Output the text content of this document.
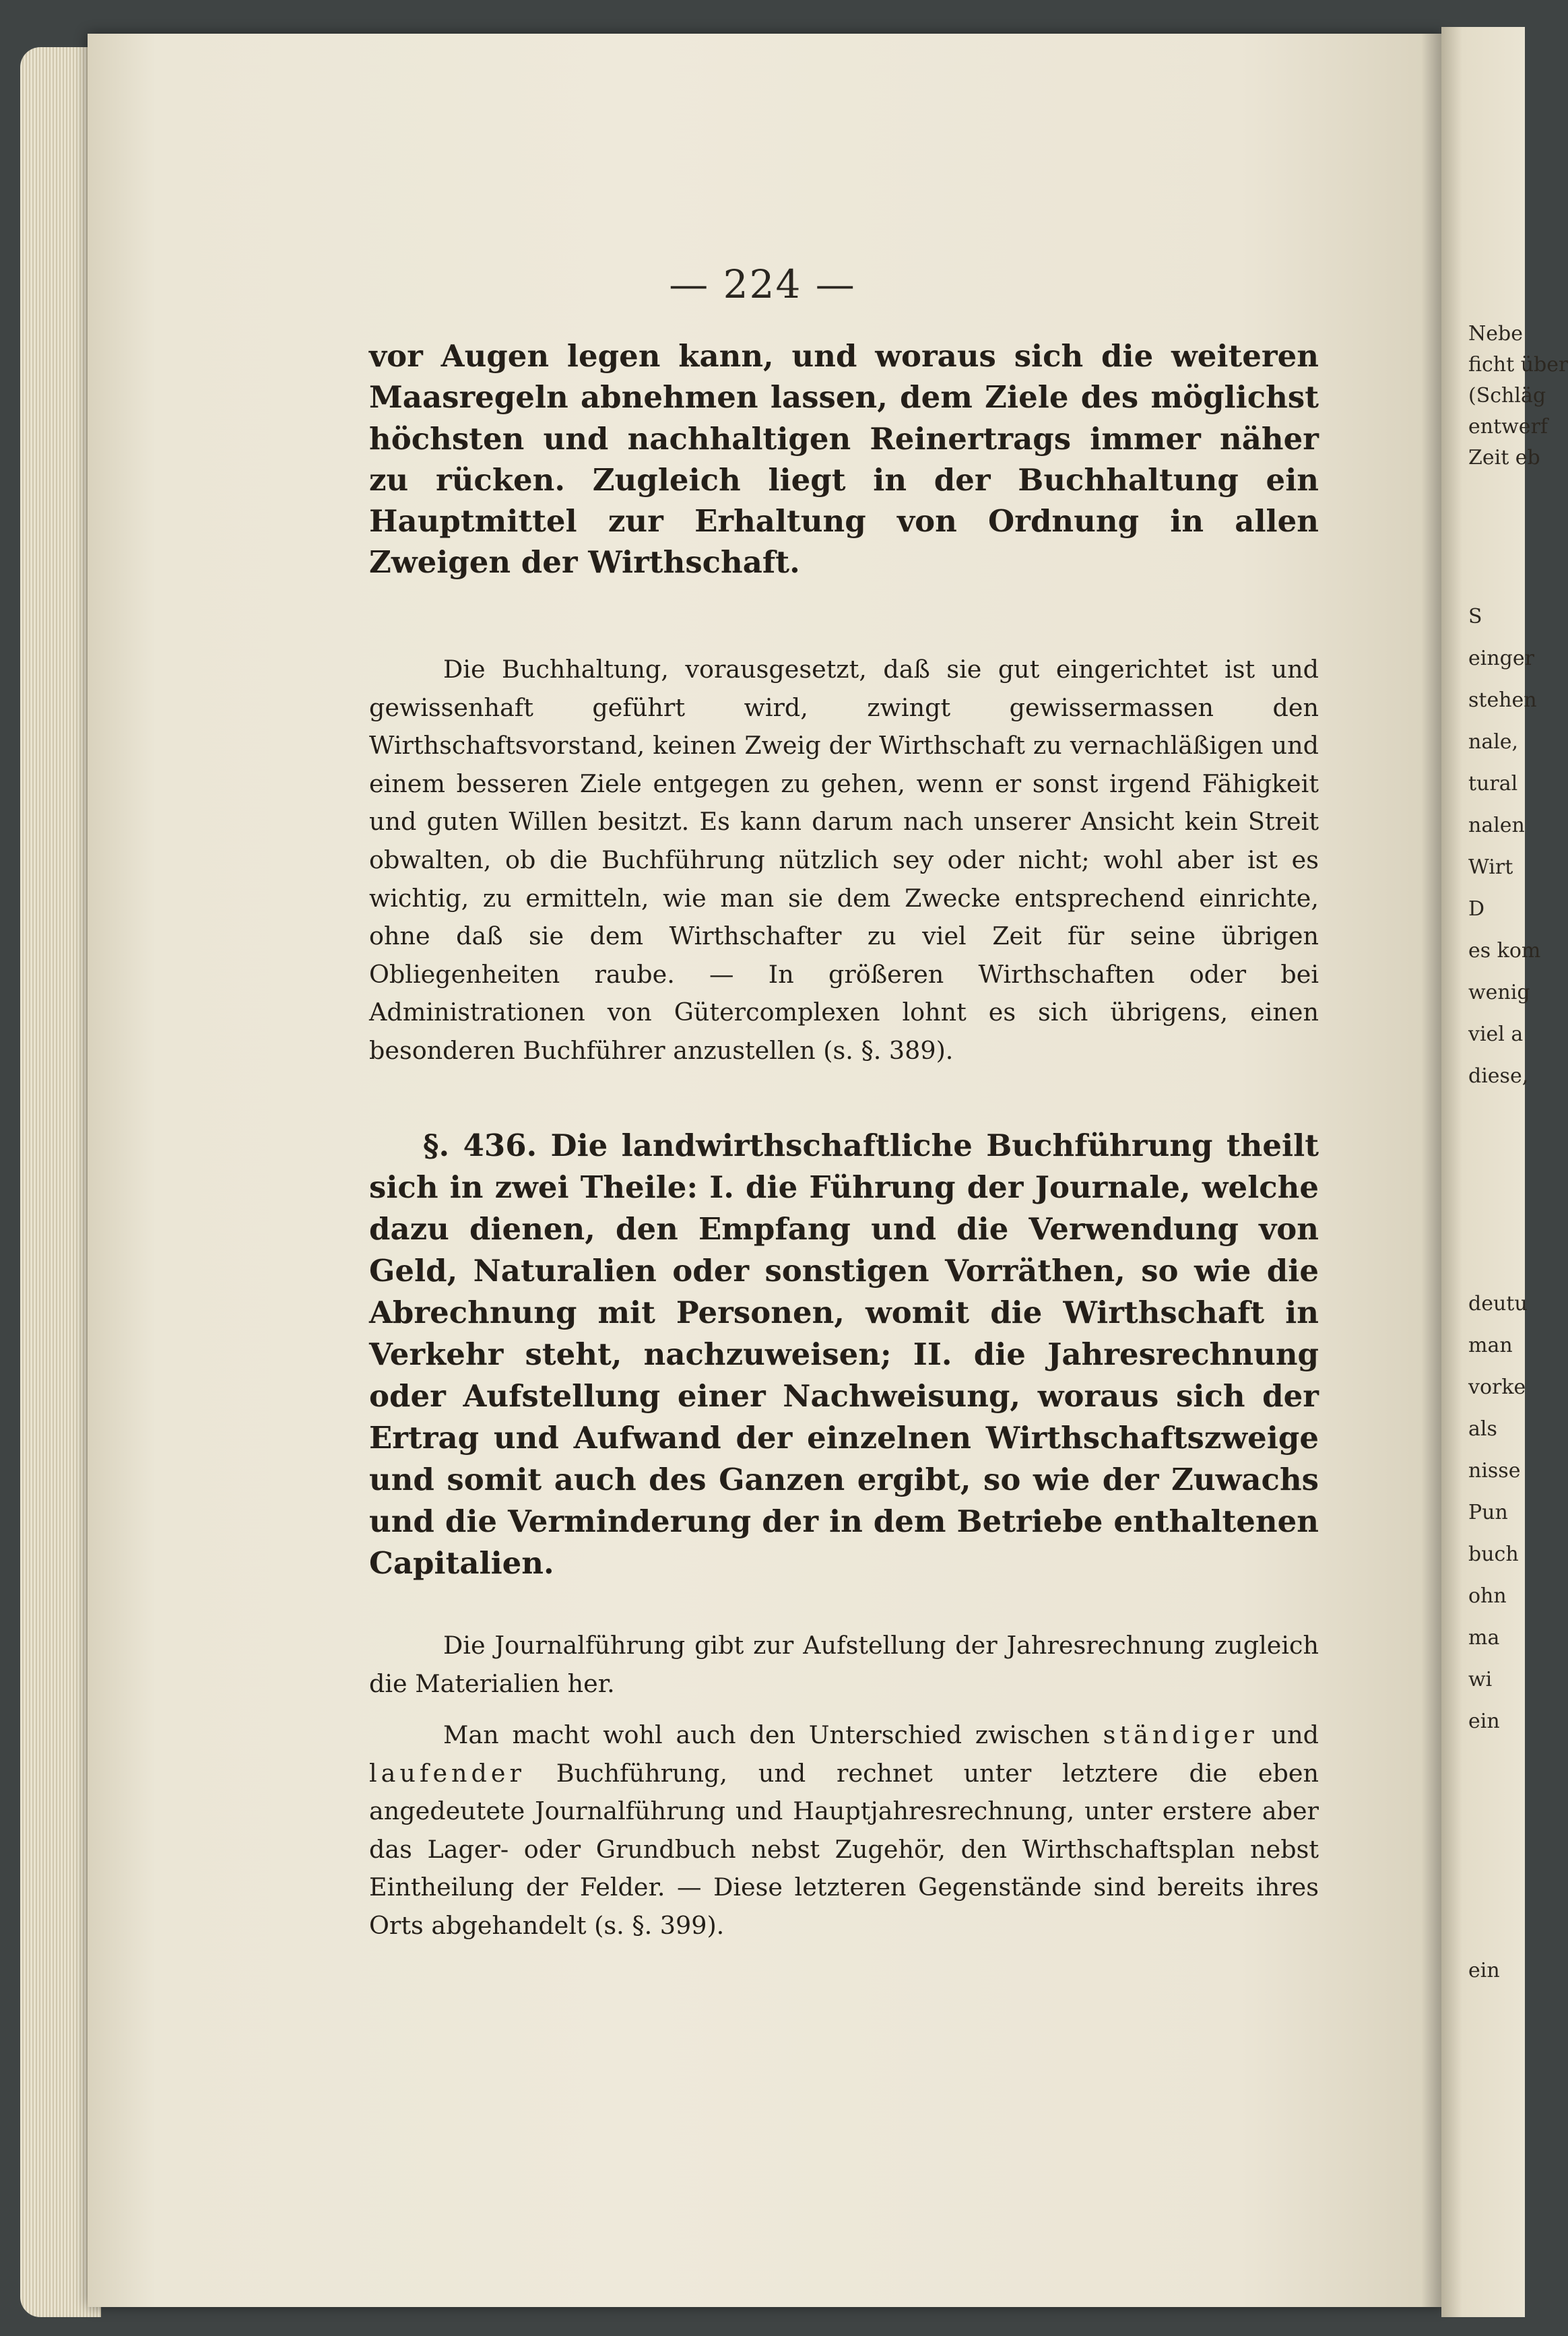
— 224 —

vor Augen legen kann, und woraus sich die weiteren Maasregeln abnehmen lassen, dem Ziele des möglichst höchsten und nachhaltigen Reinertrags immer näher zu rücken. Zugleich liegt in der Buchhaltung ein Hauptmittel zur Erhaltung von Ordnung in allen Zweigen der Wirthschaft.

Die Buchhaltung, vorausgesetzt, daß sie gut eingerichtet ist und gewissenhaft geführt wird, zwingt gewissermassen den Wirthschaftsvorstand, keinen Zweig der Wirthschaft zu vernachläßigen und einem besseren Ziele entgegen zu gehen, wenn er sonst irgend Fähigkeit und guten Willen besitzt. Es kann darum nach unserer Ansicht kein Streit obwalten, ob die Buchführung nützlich sey oder nicht; wohl aber ist es wichtig, zu ermitteln, wie man sie dem Zwecke entsprechend einrichte, ohne daß sie dem Wirthschafter zu viel Zeit für seine übrigen Obliegenheiten raube. — In größeren Wirthschaften oder bei Administrationen von Gütercomplexen lohnt es sich übrigens, einen besonderen Buchführer anzustellen (s. §. 389).

§. 436. Die landwirthschaftliche Buchführung theilt sich in zwei Theile: I. die Führung der Journale, welche dazu dienen, den Empfang und die Verwendung von Geld, Naturalien oder sonstigen Vorräthen, so wie die Abrechnung mit Personen, womit die Wirthschaft in Verkehr steht, nachzuweisen; II. die Jahresrechnung oder Aufstellung einer Nachweisung, woraus sich der Ertrag und Aufwand der einzelnen Wirthschaftszweige und somit auch des Ganzen ergibt, so wie der Zuwachs und die Verminderung der in dem Betriebe enthaltenen Capitalien.

Die Journalführung gibt zur Aufstellung der Jahresrechnung zugleich die Materialien her.

Man macht wohl auch den Unterschied zwischen ständiger und laufender Buchführung, und rechnet unter letztere die eben angedeutete Journalführung und Hauptjahresrechnung, unter erstere aber das Lager- oder Grundbuch nebst Zugehör, den Wirthschaftsplan nebst Eintheilung der Felder. — Diese letzteren Gegenstände sind bereits ihres Orts abgehandelt (s. §. 399).

Nebe
ficht über
(Schläg
entwerf
Zeit eb
S
einger
stehen
nale,
tural
nalen
Wirt
D
es kom
wenig
viel a
diese,
deutu
man
vorke
als
nisse
Pun
buch
ohn
ma
wi
ein
ein
